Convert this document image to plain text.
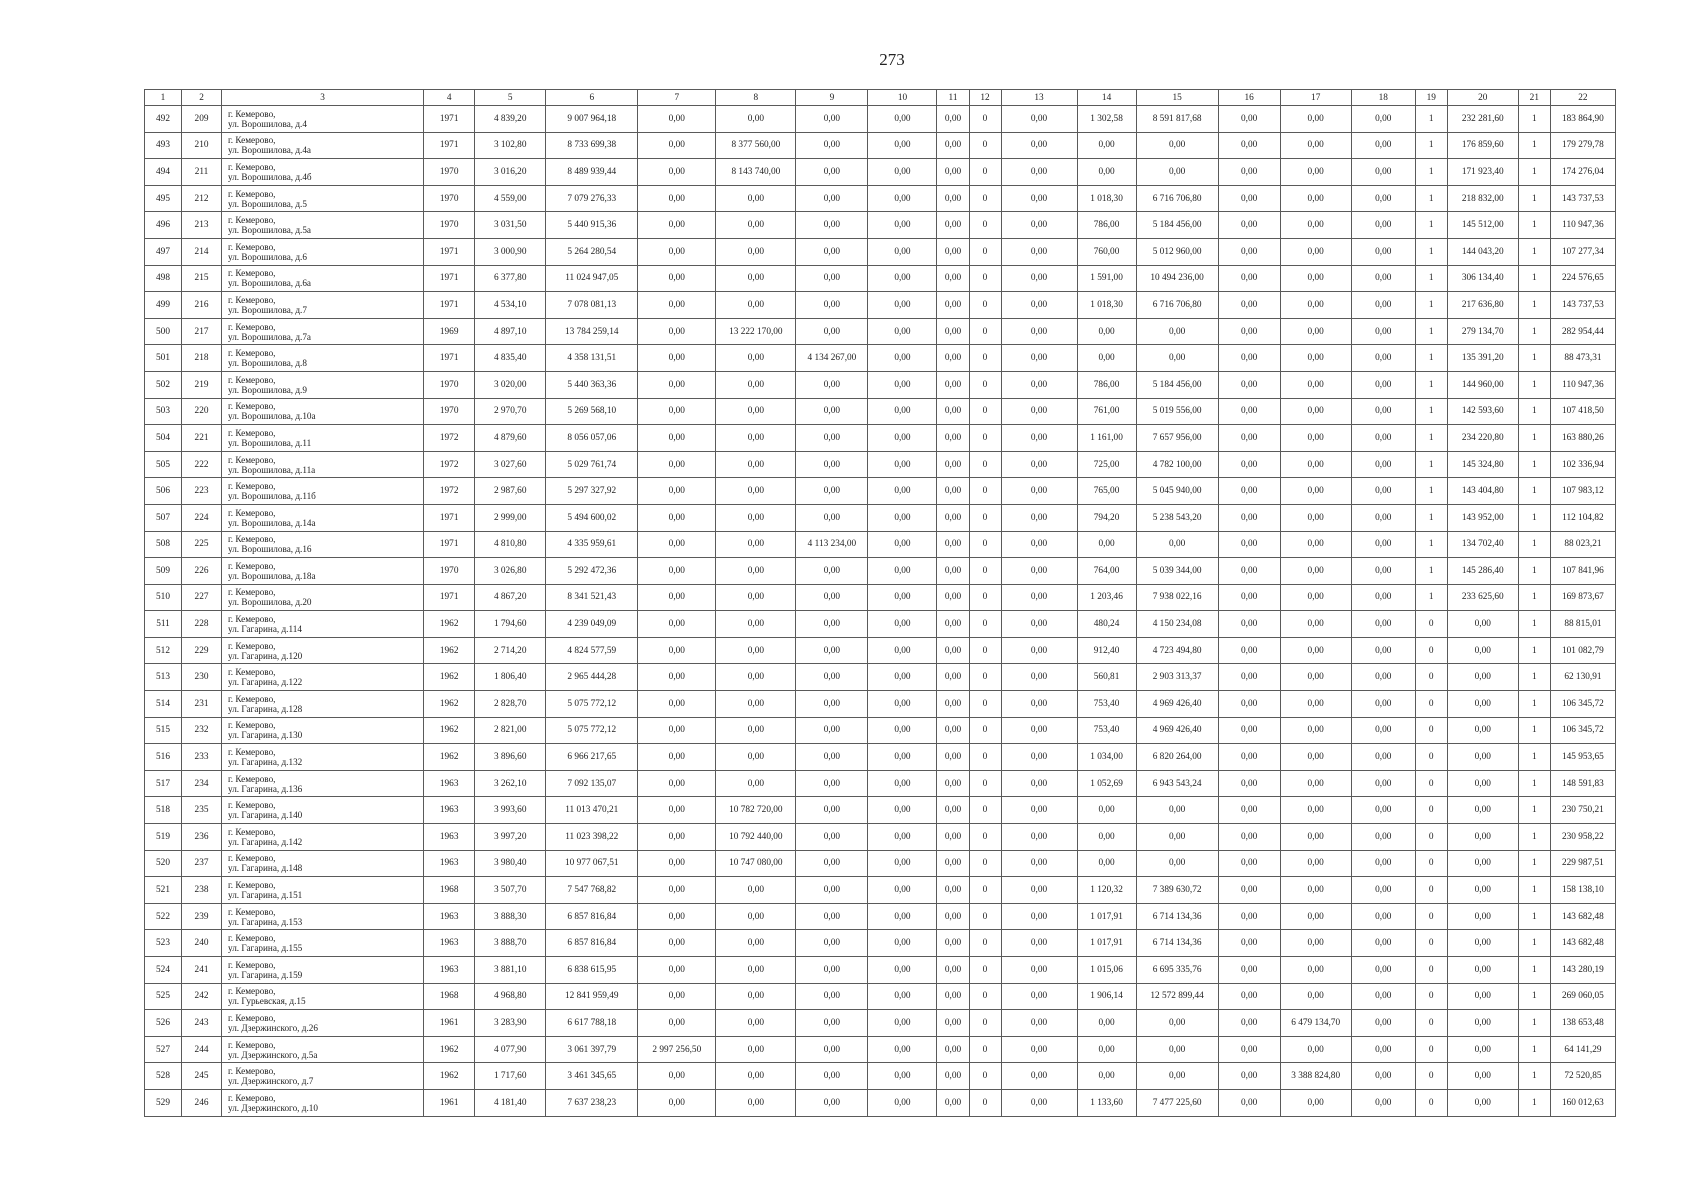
273
1	2	3	4	5	6	7	8	9	10	11	12	13	14	15	16	17	18	19	20	21	22
492	209	г. Кемерово,
ул. Ворошилова, д.4	1971	4 839,20	9 007 964,18	0,00	0,00	0,00	0,00	0,00	0	0,00	1 302,58	8 591 817,68	0,00	0,00	0,00	1	232 281,60	1	183 864,90
493	210	г. Кемерово,
ул. Ворошилова, д.4а	1971	3 102,80	8 733 699,38	0,00	8 377 560,00	0,00	0,00	0,00	0	0,00	0,00	0,00	0,00	0,00	0,00	1	176 859,60	1	179 279,78
494	211	г. Кемерово,
ул. Ворошилова, д.4б	1970	3 016,20	8 489 939,44	0,00	8 143 740,00	0,00	0,00	0,00	0	0,00	0,00	0,00	0,00	0,00	0,00	1	171 923,40	1	174 276,04
495	212	г. Кемерово,
ул. Ворошилова, д.5	1970	4 559,00	7 079 276,33	0,00	0,00	0,00	0,00	0,00	0	0,00	1 018,30	6 716 706,80	0,00	0,00	0,00	1	218 832,00	1	143 737,53
496	213	г. Кемерово,
ул. Ворошилова, д.5а	1970	3 031,50	5 440 915,36	0,00	0,00	0,00	0,00	0,00	0	0,00	786,00	5 184 456,00	0,00	0,00	0,00	1	145 512,00	1	110 947,36
497	214	г. Кемерово,
ул. Ворошилова, д.6	1971	3 000,90	5 264 280,54	0,00	0,00	0,00	0,00	0,00	0	0,00	760,00	5 012 960,00	0,00	0,00	0,00	1	144 043,20	1	107 277,34
498	215	г. Кемерово,
ул. Ворошилова, д.6а	1971	6 377,80	11 024 947,05	0,00	0,00	0,00	0,00	0,00	0	0,00	1 591,00	10 494 236,00	0,00	0,00	0,00	1	306 134,40	1	224 576,65
499	216	г. Кемерово,
ул. Ворошилова, д.7	1971	4 534,10	7 078 081,13	0,00	0,00	0,00	0,00	0,00	0	0,00	1 018,30	6 716 706,80	0,00	0,00	0,00	1	217 636,80	1	143 737,53
500	217	г. Кемерово,
ул. Ворошилова, д.7а	1969	4 897,10	13 784 259,14	0,00	13 222 170,00	0,00	0,00	0,00	0	0,00	0,00	0,00	0,00	0,00	0,00	1	279 134,70	1	282 954,44
501	218	г. Кемерово,
ул. Ворошилова, д.8	1971	4 835,40	4 358 131,51	0,00	0,00	4 134 267,00	0,00	0,00	0	0,00	0,00	0,00	0,00	0,00	0,00	1	135 391,20	1	88 473,31
502	219	г. Кемерово,
ул. Ворошилова, д.9	1970	3 020,00	5 440 363,36	0,00	0,00	0,00	0,00	0,00	0	0,00	786,00	5 184 456,00	0,00	0,00	0,00	1	144 960,00	1	110 947,36
503	220	г. Кемерово,
ул. Ворошилова, д.10а	1970	2 970,70	5 269 568,10	0,00	0,00	0,00	0,00	0,00	0	0,00	761,00	5 019 556,00	0,00	0,00	0,00	1	142 593,60	1	107 418,50
504	221	г. Кемерово,
ул. Ворошилова, д.11	1972	4 879,60	8 056 057,06	0,00	0,00	0,00	0,00	0,00	0	0,00	1 161,00	7 657 956,00	0,00	0,00	0,00	1	234 220,80	1	163 880,26
505	222	г. Кемерово,
ул. Ворошилова, д.11а	1972	3 027,60	5 029 761,74	0,00	0,00	0,00	0,00	0,00	0	0,00	725,00	4 782 100,00	0,00	0,00	0,00	1	145 324,80	1	102 336,94
506	223	г. Кемерово,
ул. Ворошилова, д.11б	1972	2 987,60	5 297 327,92	0,00	0,00	0,00	0,00	0,00	0	0,00	765,00	5 045 940,00	0,00	0,00	0,00	1	143 404,80	1	107 983,12
507	224	г. Кемерово,
ул. Ворошилова, д.14а	1971	2 999,00	5 494 600,02	0,00	0,00	0,00	0,00	0,00	0	0,00	794,20	5 238 543,20	0,00	0,00	0,00	1	143 952,00	1	112 104,82
508	225	г. Кемерово,
ул. Ворошилова, д.16	1971	4 810,80	4 335 959,61	0,00	0,00	4 113 234,00	0,00	0,00	0	0,00	0,00	0,00	0,00	0,00	0,00	1	134 702,40	1	88 023,21
509	226	г. Кемерово,
ул. Ворошилова, д.18а	1970	3 026,80	5 292 472,36	0,00	0,00	0,00	0,00	0,00	0	0,00	764,00	5 039 344,00	0,00	0,00	0,00	1	145 286,40	1	107 841,96
510	227	г. Кемерово,
ул. Ворошилова, д.20	1971	4 867,20	8 341 521,43	0,00	0,00	0,00	0,00	0,00	0	0,00	1 203,46	7 938 022,16	0,00	0,00	0,00	1	233 625,60	1	169 873,67
511	228	г. Кемерово,
ул. Гагарина, д.114	1962	1 794,60	4 239 049,09	0,00	0,00	0,00	0,00	0,00	0	0,00	480,24	4 150 234,08	0,00	0,00	0,00	0	0,00	1	88 815,01
512	229	г. Кемерово,
ул. Гагарина, д.120	1962	2 714,20	4 824 577,59	0,00	0,00	0,00	0,00	0,00	0	0,00	912,40	4 723 494,80	0,00	0,00	0,00	0	0,00	1	101 082,79
513	230	г. Кемерово,
ул. Гагарина, д.122	1962	1 806,40	2 965 444,28	0,00	0,00	0,00	0,00	0,00	0	0,00	560,81	2 903 313,37	0,00	0,00	0,00	0	0,00	1	62 130,91
514	231	г. Кемерово,
ул. Гагарина, д.128	1962	2 828,70	5 075 772,12	0,00	0,00	0,00	0,00	0,00	0	0,00	753,40	4 969 426,40	0,00	0,00	0,00	0	0,00	1	106 345,72
515	232	г. Кемерово,
ул. Гагарина, д.130	1962	2 821,00	5 075 772,12	0,00	0,00	0,00	0,00	0,00	0	0,00	753,40	4 969 426,40	0,00	0,00	0,00	0	0,00	1	106 345,72
516	233	г. Кемерово,
ул. Гагарина, д.132	1962	3 896,60	6 966 217,65	0,00	0,00	0,00	0,00	0,00	0	0,00	1 034,00	6 820 264,00	0,00	0,00	0,00	0	0,00	1	145 953,65
517	234	г. Кемерово,
ул. Гагарина, д.136	1963	3 262,10	7 092 135,07	0,00	0,00	0,00	0,00	0,00	0	0,00	1 052,69	6 943 543,24	0,00	0,00	0,00	0	0,00	1	148 591,83
518	235	г. Кемерово,
ул. Гагарина, д.140	1963	3 993,60	11 013 470,21	0,00	10 782 720,00	0,00	0,00	0,00	0	0,00	0,00	0,00	0,00	0,00	0,00	0	0,00	1	230 750,21
519	236	г. Кемерово,
ул. Гагарина, д.142	1963	3 997,20	11 023 398,22	0,00	10 792 440,00	0,00	0,00	0,00	0	0,00	0,00	0,00	0,00	0,00	0,00	0	0,00	1	230 958,22
520	237	г. Кемерово,
ул. Гагарина, д.148	1963	3 980,40	10 977 067,51	0,00	10 747 080,00	0,00	0,00	0,00	0	0,00	0,00	0,00	0,00	0,00	0,00	0	0,00	1	229 987,51
521	238	г. Кемерово,
ул. Гагарина, д.151	1968	3 507,70	7 547 768,82	0,00	0,00	0,00	0,00	0,00	0	0,00	1 120,32	7 389 630,72	0,00	0,00	0,00	0	0,00	1	158 138,10
522	239	г. Кемерово,
ул. Гагарина, д.153	1963	3 888,30	6 857 816,84	0,00	0,00	0,00	0,00	0,00	0	0,00	1 017,91	6 714 134,36	0,00	0,00	0,00	0	0,00	1	143 682,48
523	240	г. Кемерово,
ул. Гагарина, д.155	1963	3 888,70	6 857 816,84	0,00	0,00	0,00	0,00	0,00	0	0,00	1 017,91	6 714 134,36	0,00	0,00	0,00	0	0,00	1	143 682,48
524	241	г. Кемерово,
ул. Гагарина, д.159	1963	3 881,10	6 838 615,95	0,00	0,00	0,00	0,00	0,00	0	0,00	1 015,06	6 695 335,76	0,00	0,00	0,00	0	0,00	1	143 280,19
525	242	г. Кемерово,
ул. Гурьевская, д.15	1968	4 968,80	12 841 959,49	0,00	0,00	0,00	0,00	0,00	0	0,00	1 906,14	12 572 899,44	0,00	0,00	0,00	0	0,00	1	269 060,05
526	243	г. Кемерово,
ул. Дзержинского, д.26	1961	3 283,90	6 617 788,18	0,00	0,00	0,00	0,00	0,00	0	0,00	0,00	0,00	0,00	6 479 134,70	0,00	0	0,00	1	138 653,48
527	244	г. Кемерово,
ул. Дзержинского, д.5а	1962	4 077,90	3 061 397,79	2 997 256,50	0,00	0,00	0,00	0,00	0	0,00	0,00	0,00	0,00	0,00	0,00	0	0,00	1	64 141,29
528	245	г. Кемерово,
ул. Дзержинского, д.7	1962	1 717,60	3 461 345,65	0,00	0,00	0,00	0,00	0,00	0	0,00	0,00	0,00	0,00	3 388 824,80	0,00	0	0,00	1	72 520,85
529	246	г. Кемерово,
ул. Дзержинского, д.10	1961	4 181,40	7 637 238,23	0,00	0,00	0,00	0,00	0,00	0	0,00	1 133,60	7 477 225,60	0,00	0,00	0,00	0	0,00	1	160 012,63
